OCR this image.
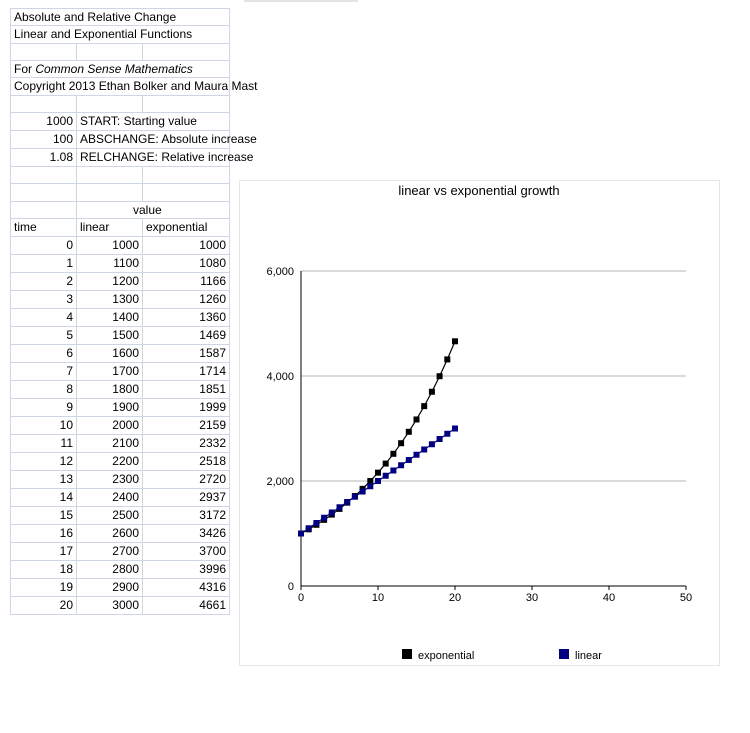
Absolute and Relative Change		

Linear and Exponential Functions		

For Common Sense Mathematics		

Copyright 2013 Ethan Bolker and Maura Mast		

1000	START: Starting value	

100	ABSCHANGE: Absolute increase	

1.08	RELCHANGE: Relative increase	

		value

time	linear	exponential
0	1000	1000
1	1100	1080
2	1200	1166
3	1300	1260
4	1400	1360
5	1500	1469
6	1600	1587
7	1700	1714
8	1800	1851
9	1900	1999
10	2000	2159
11	2100	2332
12	2200	2518
13	2300	2720
14	2400	2937
15	2500	3172
16	2600	3426
17	2700	3700
18	2800	3996
19	2900	4316
20	3000	4661
linear vs exponential growth
0
2,000
4,000
6,000
0	10	20	30	40	50
exponential	linear
